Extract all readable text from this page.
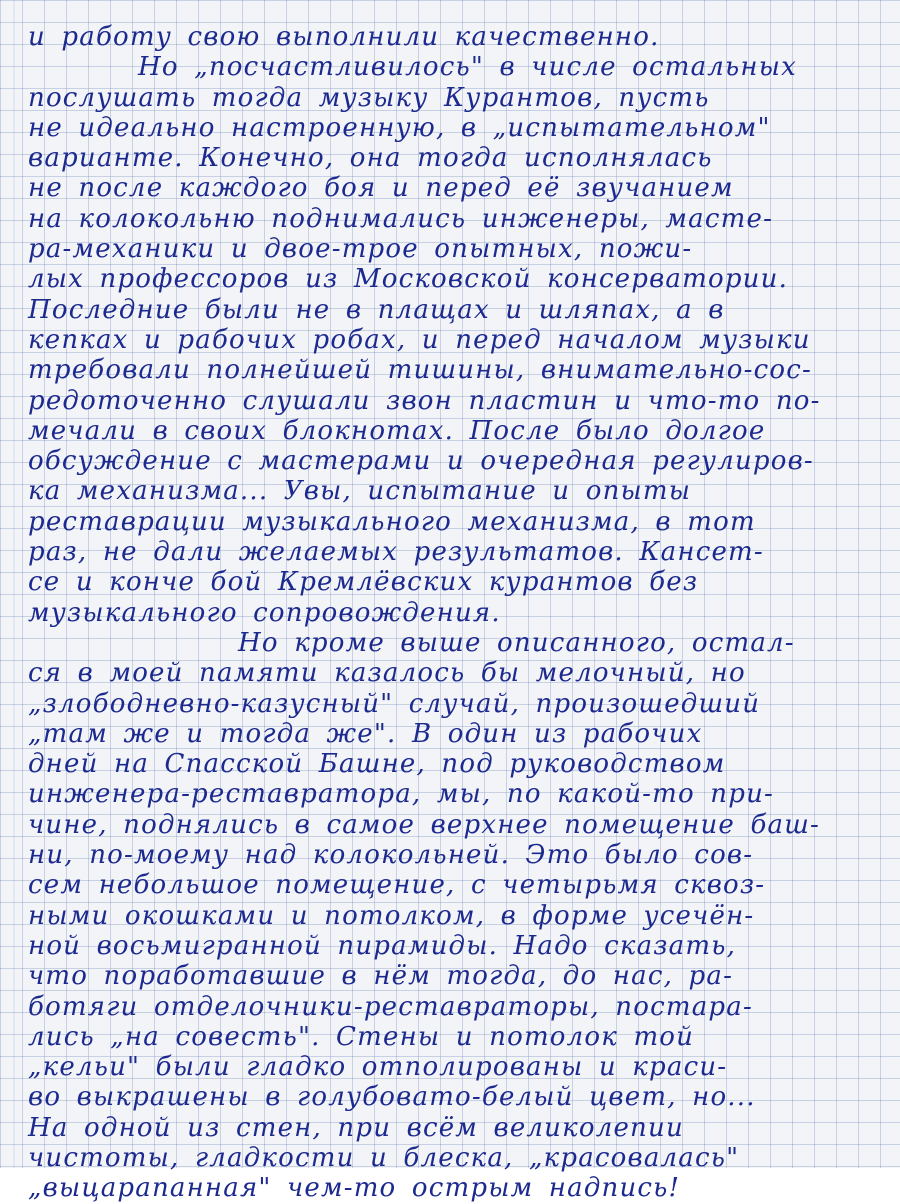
и работу свою выполнили качественно.
Но „посчастливилось" в числе остальных
послушать тогда музыку Курантов, пусть
не идеально настроенную, в „испытательном"
варианте. Конечно, она тогда исполнялась
не после каждого боя и перед её звучанием
на колокольню поднимались инженеры, масте-
ра-механики и двое-трое опытных, пожи-
лых профессоров из Московской консерватории.
Последние были не в плащах и шляпах, а в
кепках и рабочих робах, и перед началом музыки
требовали полнейшей тишины, внимательно-сос-
редоточенно слушали звон пластин и что-то по-
мечали в своих блокнотах. После было долгое
обсуждение с мастерами и очередная регулиров-
ка механизма... Увы, испытание и опыты
реставрации музыкального механизма, в тот
раз, не дали желаемых результатов. Кансет-
се и конче бой Кремлёвских курантов без
музыкального сопровождения.
Но кроме выше описанного, остал-
ся в моей памяти казалось бы мелочный, но
„злободневно-казусный" случай, произошедший
„там же и тогда же". В один из рабочих
дней на Спасской Башне, под руководством
инженера-реставратора, мы, по какой-то при-
чине, поднялись в самое верхнее помещение баш-
ни, по-моему над колокольней. Это было сов-
сем небольшое помещение, с четырьмя сквоз-
ными окошками и потолком, в форме усечён-
ной восьмигранной пирамиды. Надо сказать,
что поработавшие в нём тогда, до нас, ра-
ботяги отделочники-реставраторы, постара-
лись „на совесть". Стены и потолок той
„кельи" были гладко отполированы и краси-
во выкрашены в голубовато-белый цвет, но...
На одной из стен, при всём великолепии
чистоты, гладкости и блеска, „красовалась"
„выцарапанная" чем-то острым надпись!
